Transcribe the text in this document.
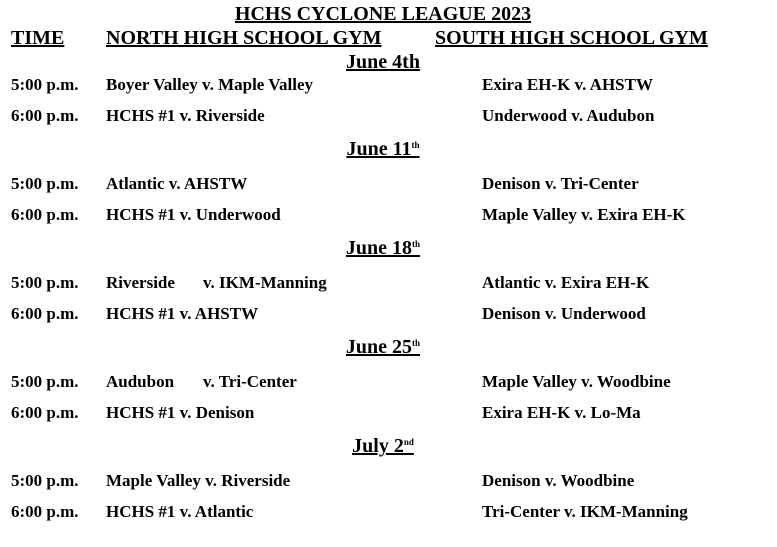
HCHS CYCLONE LEAGUE 2023
TIME NORTH HIGH SCHOOL GYM	SOUTH HIGH SCHOOL GYM
June 4th
5:00 p.m. Boyer Valley v. Maple Valley	Exira EH-K v. AHSTW
6:00 p.m. HCHS #1 v. Riverside	Underwood v. Audubon
June 11th
5:00 p.m. Atlantic v. AHSTW	Denison v. Tri-Center
6:00 p.m. HCHS #1 v. Underwood	Maple Valley v. Exira EH-K
June 18th
5:00 p.m. Riverside v. IKM-Manning	Atlantic v. Exira EH-K
6:00 p.m. HCHS #1 v. AHSTW	Denison v. Underwood
June 25th
5:00 p.m. Audubon v. Tri-Center	Maple Valley v. Woodbine
6:00 p.m. HCHS #1 v. Denison	Exira EH-K v. Lo-Ma
July 2nd
5:00 p.m. Maple Valley v. Riverside	Denison v. Woodbine
6:00 p.m. HCHS #1 v. Atlantic	Tri-Center v. IKM-Manning
